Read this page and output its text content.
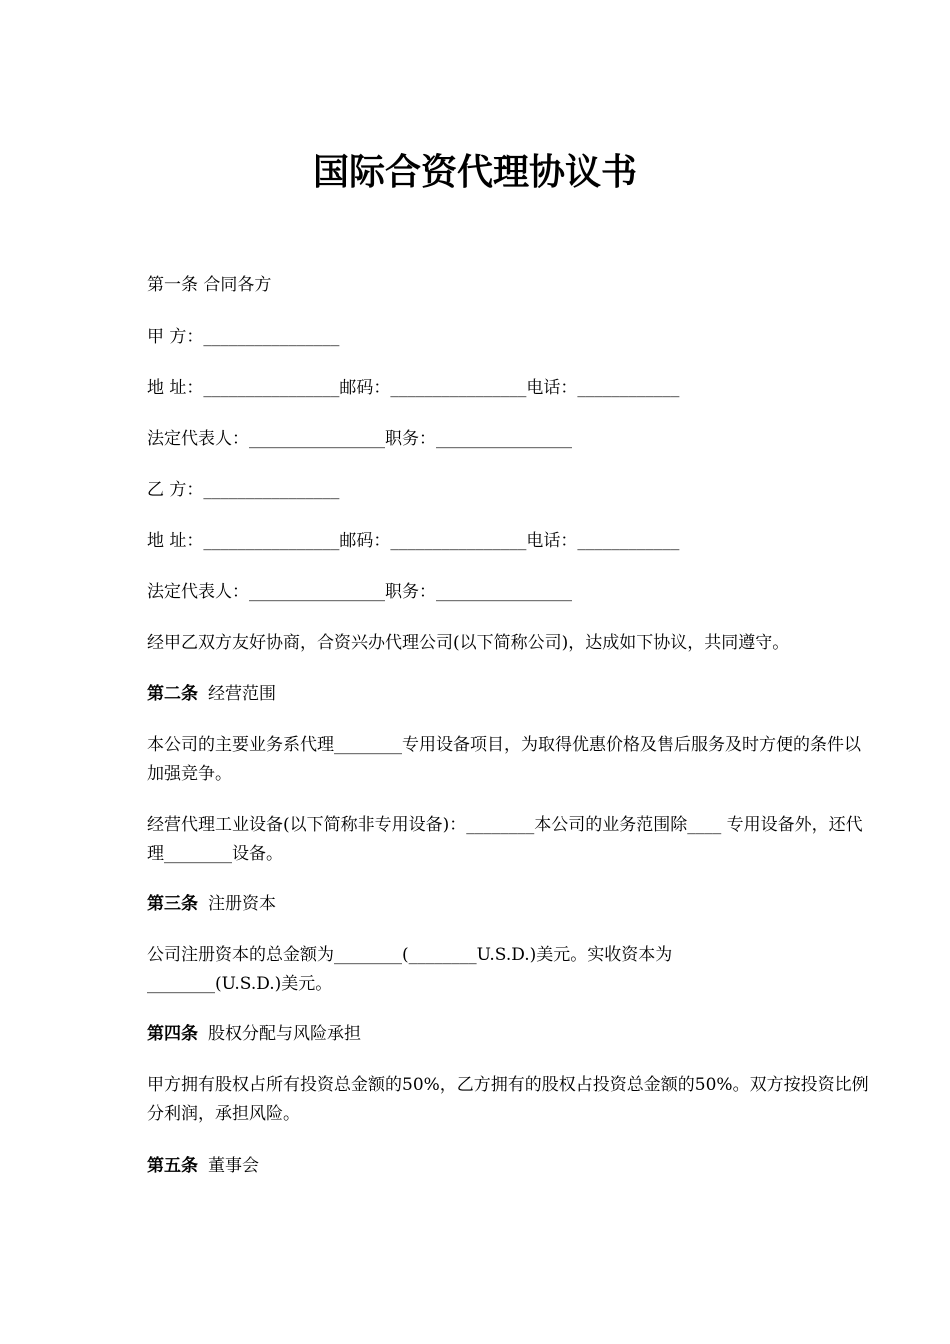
国际合资代理协议书

第一条 合同各方

甲 方：________________

地 址：________________邮码：________________电话：____________

法定代表人：________________职务：________________

乙 方：________________

地 址：________________邮码：________________电话：____________

法定代表人：________________职务：________________

经甲乙双方友好协商，合资兴办代理公司(以下简称公司)，达成如下协议，共同遵守。

第二条 经营范围

本公司的主要业务系代理________专用设备项目，为取得优惠价格及售后服务及时方便的条件以加强竞争。

经营代理工业设备(以下简称非专用设备)：________本公司的业务范围除____ 专用设备外，还代理________设备。

第三条 注册资本

公司注册资本的总金额为________(________U.S.D.)美元。实收资本为

________(U.S.D.)美元。

第四条 股权分配与风险承担

甲方拥有股权占所有投资总金额的50%，乙方拥有的股权占投资总金额的50%。双方按投资比例分利润，承担风险。

第五条 董事会
